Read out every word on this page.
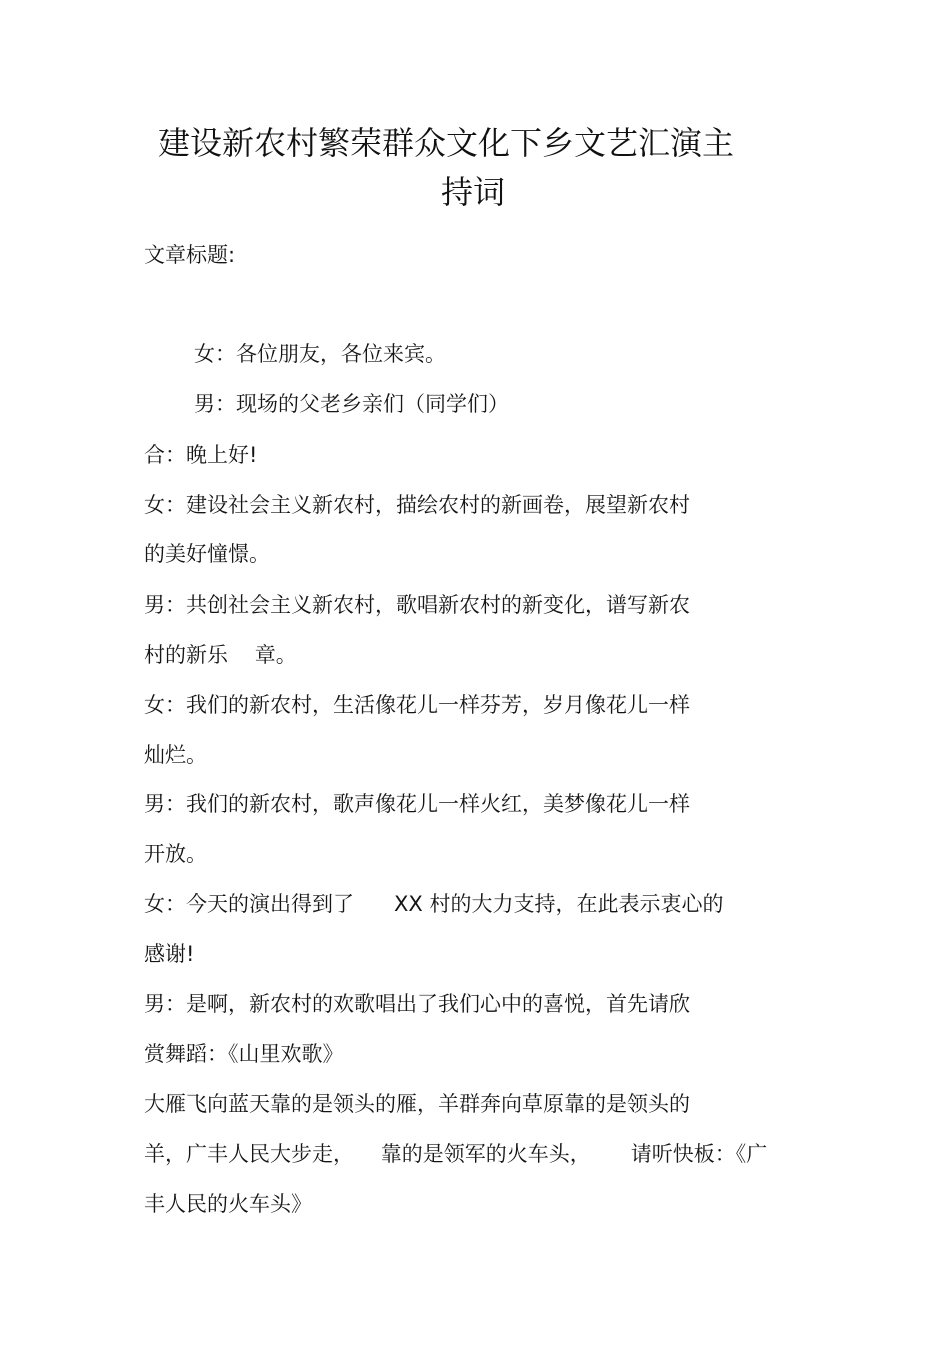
建设新农村繁荣群众文化下乡文艺汇演主
持词
文章标题:
女：各位朋友，各位来宾。
男：现场的父老乡亲们（同学们）
合：晚上好!
女：建设社会主义新农村，描绘农村的新画卷，展望新农村
的美好憧憬。
男：共创社会主义新农村，歌唱新农村的新变化，谱写新农
村的新乐    章。
女：我们的新农村，生活像花儿一样芬芳，岁月像花儿一样
灿烂。
男：我们的新农村，歌声像花儿一样火红，美梦像花儿一样
开放。
女：今天的演出得到了      XX 村的大力支持，在此表示衷心的
感谢!
男：是啊，新农村的欢歌唱出了我们心中的喜悦，首先请欣
赏舞蹈：《山里欢歌》
大雁飞向蓝天靠的是领头的雁，羊群奔向草原靠的是领头的
羊，广丰人民大步走，    靠的是领军的火车头，      请听快板：《广
丰人民的火车头》
